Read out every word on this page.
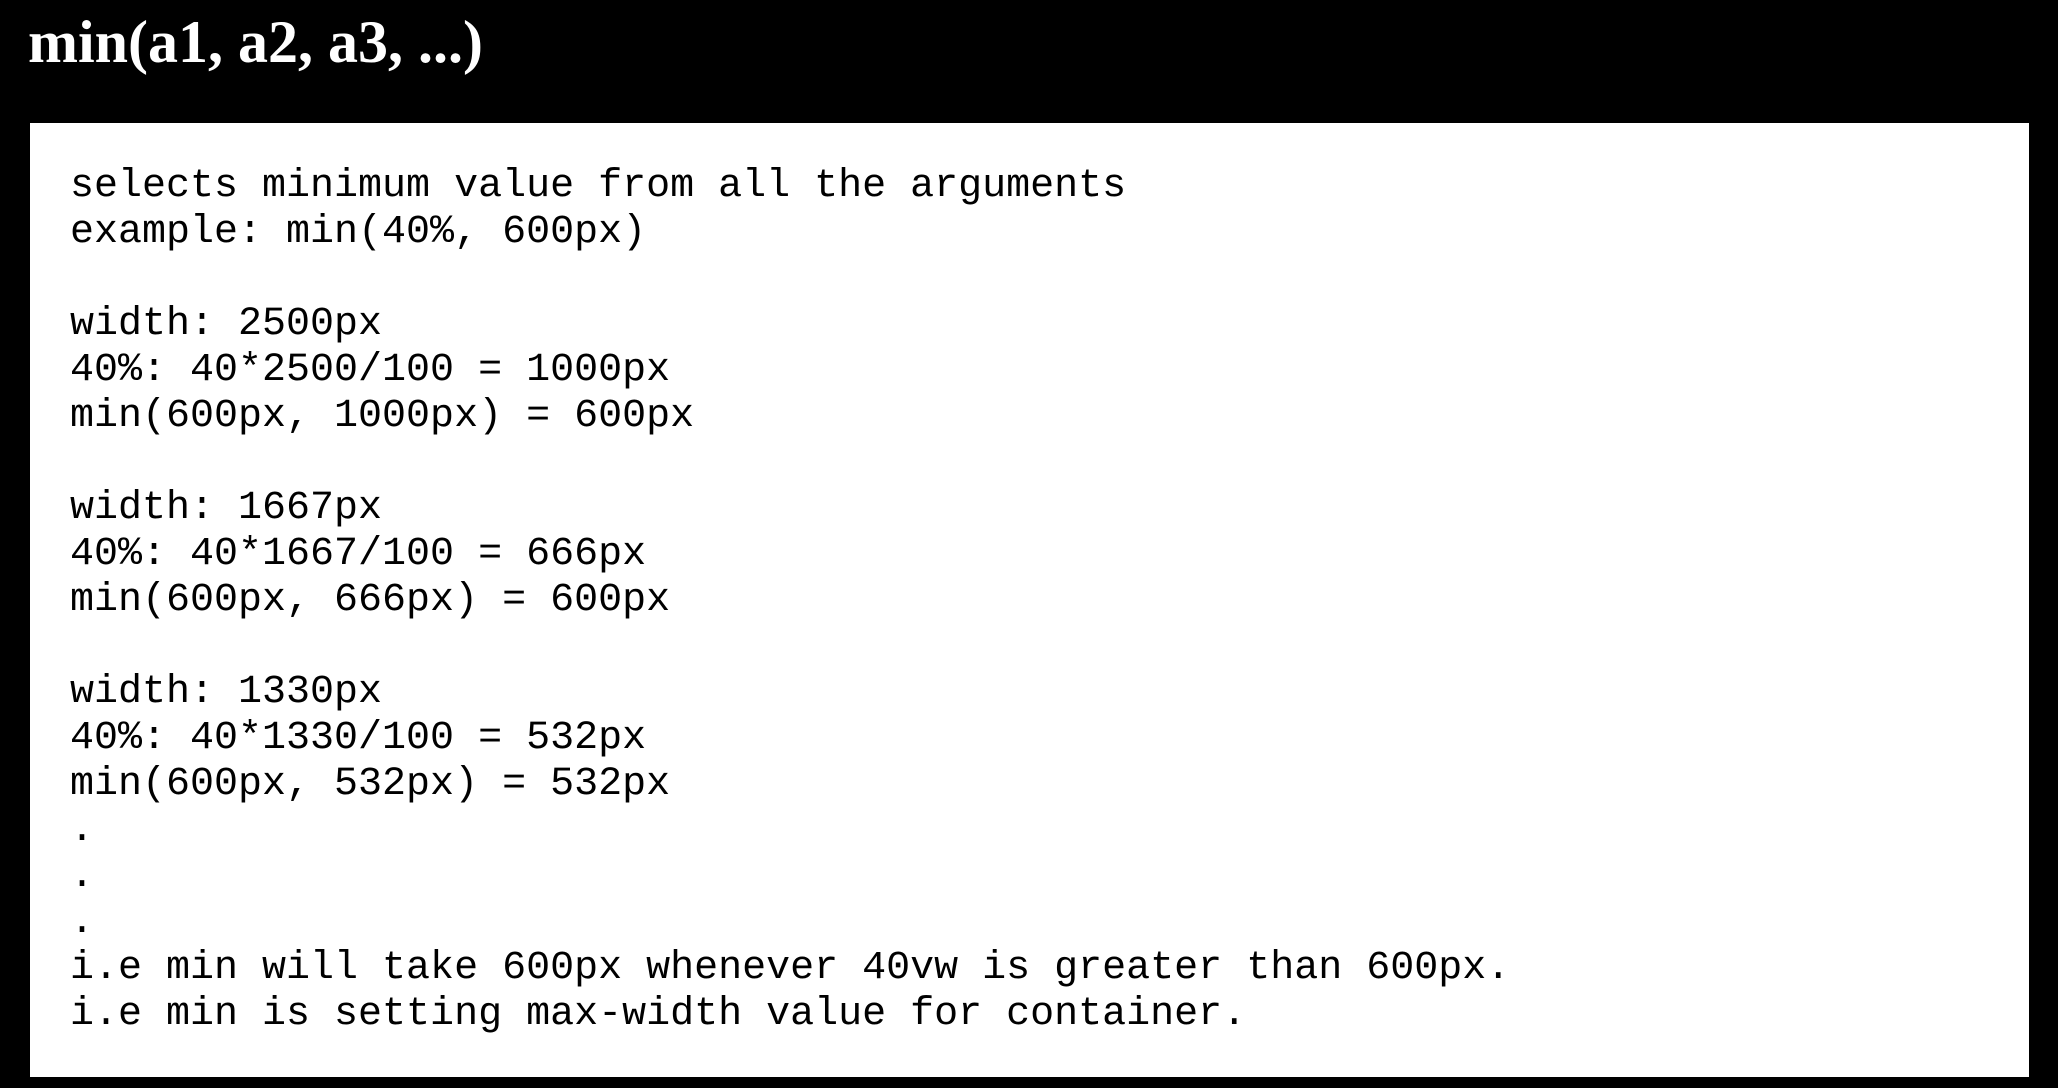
min(a1, a2, a3, ...)
selects minimum value from all the arguments
example: min(40%, 600px)
width: 2500px
40%: 40*2500/100 = 1000px
min(600px, 1000px) = 600px
width: 1667px
40%: 40*1667/100 = 666px
min(600px, 666px) = 600px
width: 1330px
40%: 40*1330/100 = 532px
min(600px, 532px) = 532px
.
.
.
i.e min will take 600px whenever 40vw is greater than 600px.
i.e min is setting max-width value for container.
